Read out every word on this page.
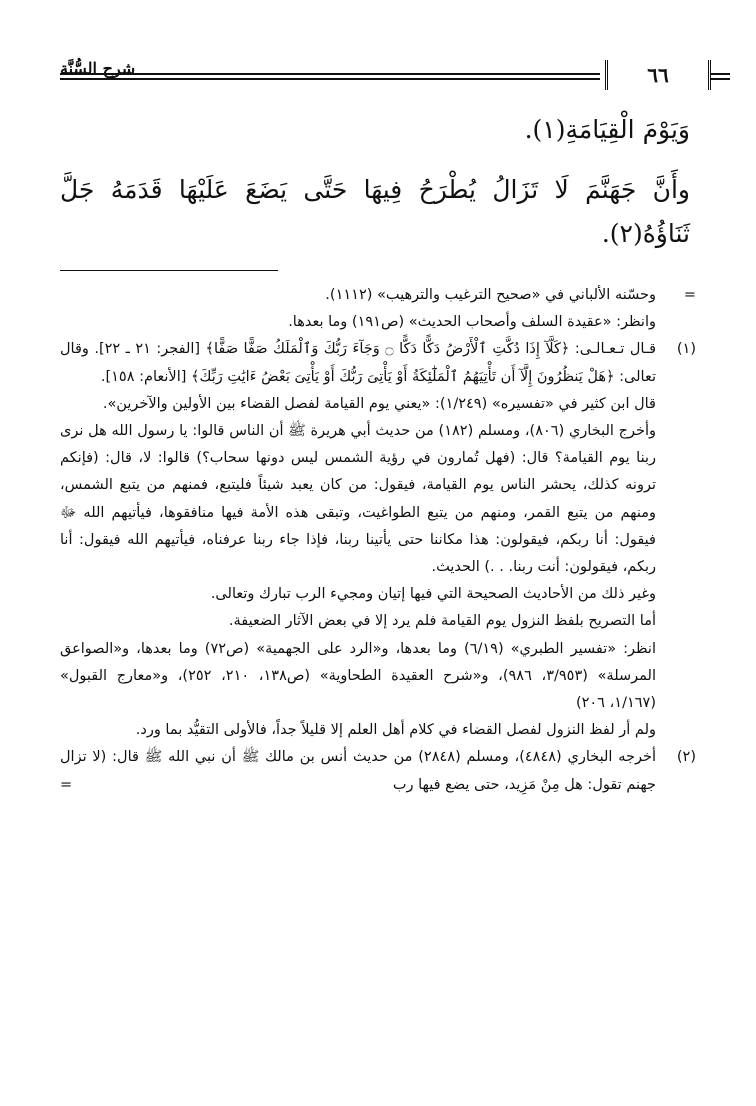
٦٦
شرح السُّنَّة
وَيَوْمَ الْقِيَامَةِ(١).
وأَنَّ جَهَنَّمَ لَا تَزَالُ يُطْرَحُ فِيهَا حَتَّى يَضَعَ عَلَيْهَا قَدَمَهُ جَلَّ ثَنَاؤُهُ(٢).
=

وحسّنه الألباني في «صحيح الترغيب والترهيب» (١١١٢).

وانظر: «عقيدة السلف وأصحاب الحديث» (ص١٩١) وما بعدها.

(١)

قـال تـعـالـى: ﴿كَلَّآ إِذَا دُكَّتِ ٱلْأَرْضُ دَكًّا دَكًّا ۝ وَجَآءَ رَبُّكَ وَٱلْمَلَكُ صَفًّا صَفًّا﴾ [الفجر: ٢١ ـ ٢٢]. وقال تعالى: ﴿هَلْ يَنظُرُونَ إِلَّآ أَن تَأْتِيَهُمُ ٱلْمَلَٰٓئِكَةُ أَوْ يَأْتِىَ رَبُّكَ أَوْ يَأْتِىَ بَعْضُ ءَايَٰتِ رَبِّكَ﴾ [الأنعام: ١٥٨].

قال ابن كثير في «تفسيره» (١/٢٤٩): «يعني يوم القيامة لفصل القضاء بين الأولين والآخرين».

وأخرج البخاري (٨٠٦)، ومسلم (١٨٢) من حديث أبي هريرة ﷺ أن الناس قالوا: يا رسول الله هل نرى ربنا يوم القيامة؟ قال: (فهل تُمارون في رؤية الشمس ليس دونها سحاب؟) قالوا: لا، قال: (فإنكم ترونه كذلك، يحشر الناس يوم القيامة، فيقول: من كان يعبد شيئاً فليتبع، فمنهم من يتبع الشمس، ومنهم من يتبع القمر، ومنهم من يتبع الطواغيت، وتبقى هذه الأمة فيها منافقوها، فيأتيهم الله ﷻ فيقول: أنا ربكم، فيقولون: هذا مكاننا حتى يأتينا ربنا، فإذا جاء ربنا عرفناه، فيأتيهم الله فيقول: أنا ربكم، فيقولون: أنت ربنا. . .) الحديث.

وغير ذلك من الأحاديث الصحيحة التي فيها إتيان ومجيء الرب تبارك وتعالى.

أما التصريح بلفظ النزول يوم القيامة فلم يرد إلا في بعض الآثار الضعيفة.

انظر: «تفسير الطبري» (٦/١٩) وما بعدها، و«الرد على الجهمية» (ص٧٢) وما بعدها، و«الصواعق المرسلة» (٣/٩٥٣، ٩٨٦)، و«شرح العقيدة الطحاوية» (ص١٣٨، ٢١٠، ٢٥٢)، و«معارج القبول» (١/١٦٧، ٢٠٦)

ولم أر لفظ النزول لفصل القضاء في كلام أهل العلم إلا قليلاً جداً، فالأولى التقيُّد بما ورد.

(٢)

أخرجه البخاري (٤٨٤٨)، ومسلم (٢٨٤٨) من حديث أنس بن مالك ﷺ أن نبي الله ﷺ قال: (لا تزال جهنم تقول: هل مِنْ مَزِيد، حتى يضع فيها رب
=
